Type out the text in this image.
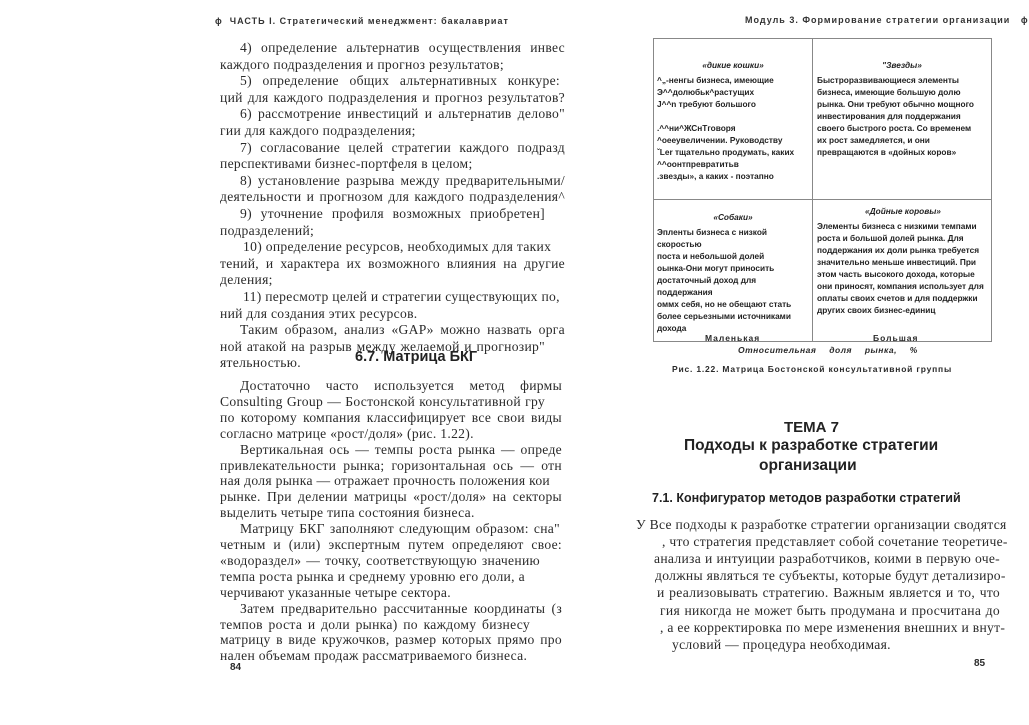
ɸ  ЧАСТЬ I. Стратегический менеджмент: бакалавриат
4) определение альтернатив осуществления инвес
каждого подразделения и прогноз результатов;
5) определение общих альтернативных конкуре:
ций для каждого подразделения и прогноз результатов?
6) рассмотрение инвестиций и альтернатив делово"
гии для каждого подразделения;
7) согласование целей стратегии каждого подразд
перспективами бизнес-портфеля в целом;
8) установление разрыва между предварительными/
деятельности и прогнозом для каждого подразделения^
9) уточнение профиля возможных приобретен]
подразделений;
10) определение ресурсов, необходимых для таких
тений, и характера их возможного влияния на другие
деления;
11) пересмотр целей и стратегии существующих по,
ний для создания этих ресурсов.
Таким образом, анализ «GAP» можно назвать орга
ной атакой на разрыв между желаемой и прогнозир"
ятельностью.	6.7. Матрица БКГ
Достаточно часто используется метод фирмы
Consulting Group — Бостонской консультативной гру
по которому компания классифицирует все свои виды
согласно матрице «рост/доля» (рис. 1.22).
Вертикальная ось — темпы роста рынка — опреде
привлекательности рынка; горизонтальная ось — отн
ная доля рынка — отражает прочность положения кои
рынке. При делении матрицы «рост/доля» на секторы
выделить четыре типа состояния бизнеса.
Матрицу БКГ заполняют следующим образом: сна"
четным и (или) экспертным путем определяют свое:
«водораздел» — точку, соответствующую значению
темпа роста рынка и среднему уровню его доли, а
черчивают указанные четыре сектора.
Затем предварительно рассчитанные координаты (з
темпов роста и доли рынка) по каждому бизнесу
матрицу в виде кружочков, размер которых прямо про
нален объемам продаж рассматриваемого бизнеса.
84
Модуль 3. Формирование стратегии организации   ɸ
«дикие кошки»
^„-ненгы бизнеса, имеющие
Э^^долюбьк^растущих
J^^n требуют большого
.^^ни^ЖСнТговоря
^оееувеличении. Руководству
ˇLer тщательно продумать, каких
^^оонтпревратитьв
.звезды», а каких - поэтапно
"Звезды»
Быстроразвивающиеся элементы
бизнеса, имеющие большую долю
рынка. Они требуют обычно мощного
инвестирования для поддержания
своего быстрого роста. Со временем
их рост замедляется, и они
превращаются в «дойных коров»
«Собаки»
Эпленты бизнеса с низкой скоростью
поста и небольшой долей
оынка-Они могут приносить
достаточный доход для поддержания
оммх себя, но не обещают стать
более серьезными источниками
дохода
«Дойные коровы»
Элементы бизнеса с низкими темпами
роста и большой долей рынка. Для
поддержания их доли рынка требуется
значительно меньше инвестиций. При
этом часть высокого дохода, которые
они приносят, компания использует для
оплаты своих счетов и для поддержки
других своих бизнес-единиц
Маленькая	Большая
Относительная доля рынка, %
Рис. 1.22. Матрица Бостонской консультативной группы
ТЕМА 7
Подходы к разработке стратегии
организации
7.1. Конфигуратор методов разработки стратегий
У Все подходы к разработке стратегии организации сводятся
, что стратегия представляет собой сочетание теоретиче-
анализа и интуиции разработчиков, коими в первую оче-
должны являться те субъекты, которые будут детализиро-
и реализовывать стратегию. Важным является и то, что
гия никогда не может быть продумана и просчитана до
, а ее корректировка по мере изменения внешних и внут-
условий — процедура необходимая.
85
